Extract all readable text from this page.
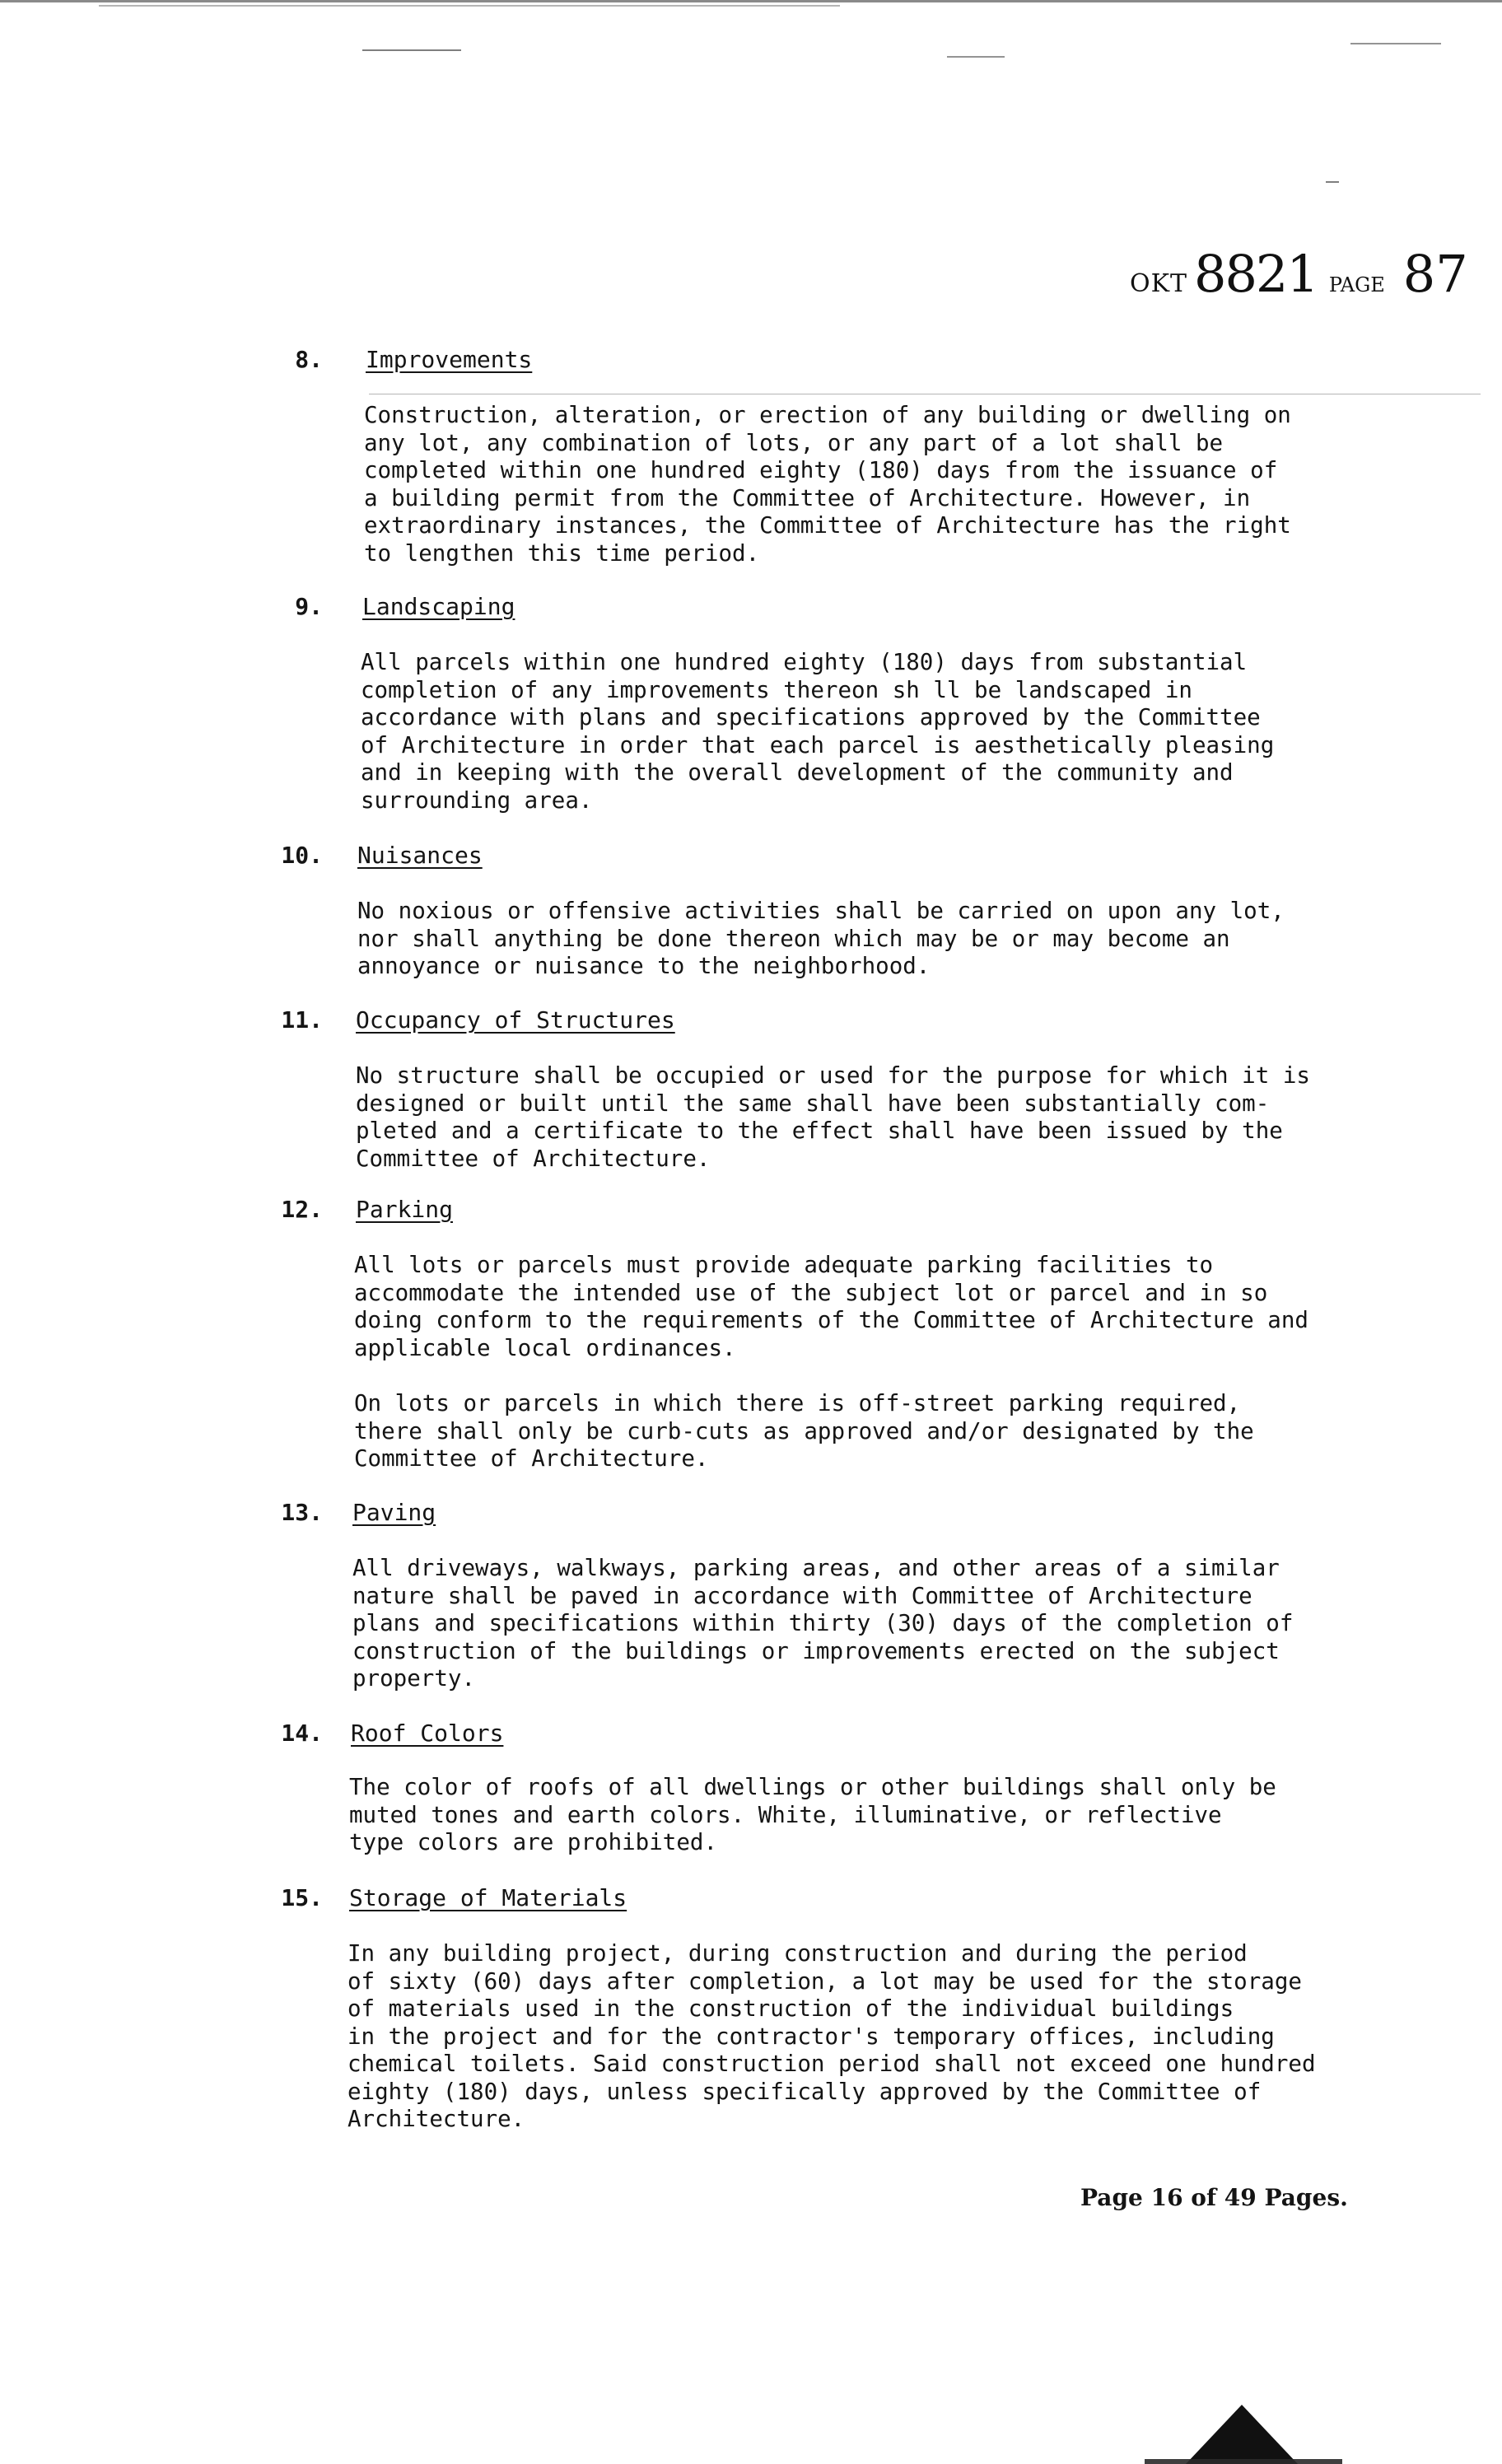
OKT 8821 PAGE 87
8. Improvements
Construction, alteration, or erection of any building or dwelling on
any lot, any combination of lots, or any part of a lot shall be
completed within one hundred eighty (180) days from the issuance of
a building permit from the Committee of Architecture. However, in
extraordinary instances, the Committee of Architecture has the right
to lengthen this time period.
9. Landscaping
All parcels within one hundred eighty (180) days from substantial
completion of any improvements thereon sh ll be landscaped in
accordance with plans and specifications approved by the Committee
of Architecture in order that each parcel is aesthetically pleasing
and in keeping with the overall development of the community and
surrounding area.
10. Nuisances
No noxious or offensive activities shall be carried on upon any lot,
nor shall anything be done thereon which may be or may become an
annoyance or nuisance to the neighborhood.
11. Occupancy of Structures
No structure shall be occupied or used for the purpose for which it is
designed or built until the same shall have been substantially com-
pleted and a certificate to the effect shall have been issued by the
Committee of Architecture.
12. Parking
All lots or parcels must provide adequate parking facilities to
accommodate the intended use of the subject lot or parcel and in so
doing conform to the requirements of the Committee of Architecture and
applicable local ordinances.
On lots or parcels in which there is off-street parking required,
there shall only be curb-cuts as approved and/or designated by the
Committee of Architecture.
13. Paving
All driveways, walkways, parking areas, and other areas of a similar
nature shall be paved in accordance with Committee of Architecture
plans and specifications within thirty (30) days of the completion of
construction of the buildings or improvements erected on the subject
property.
14. Roof Colors
The color of roofs of all dwellings or other buildings shall only be
muted tones and earth colors. White, illuminative, or reflective
type colors are prohibited.
15. Storage of Materials
In any building project, during construction and during the period
of sixty (60) days after completion, a lot may be used for the storage
of materials used in the construction of the individual buildings
in the project and for the contractor's temporary offices, including
chemical toilets. Said construction period shall not exceed one hundred
eighty (180) days, unless specifically approved by the Committee of
Architecture.
Page 16 of 49 Pages.
